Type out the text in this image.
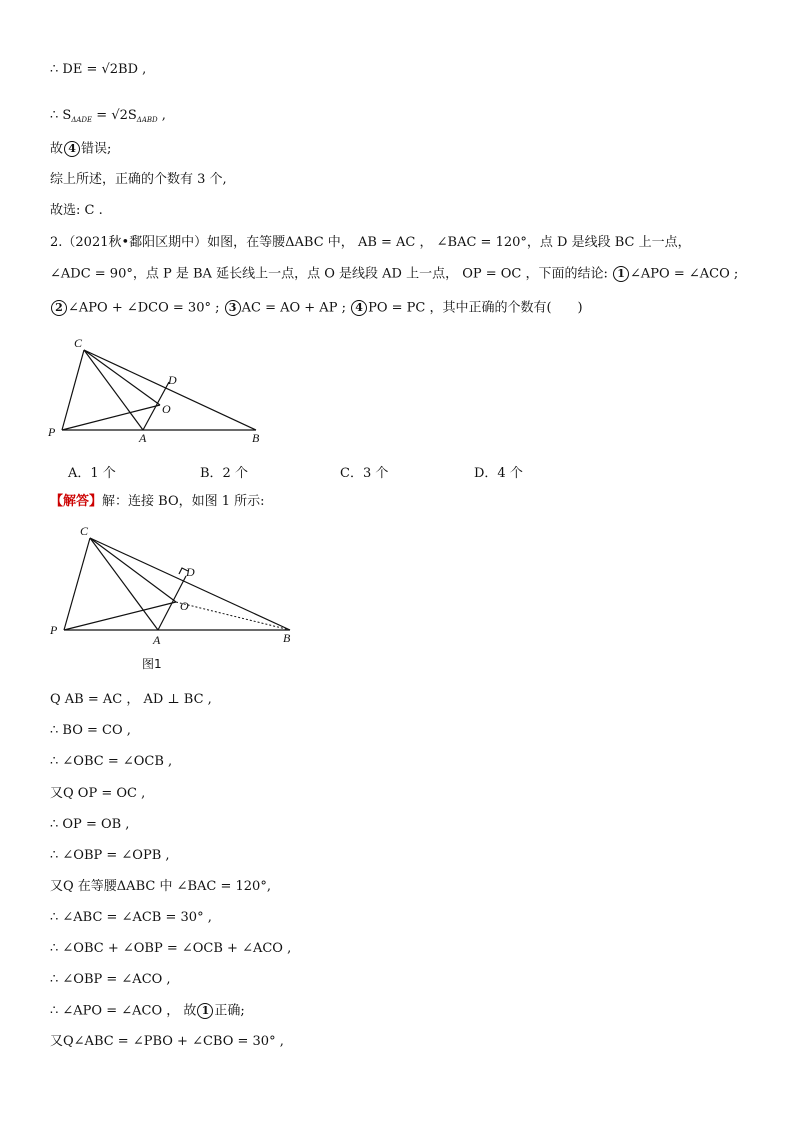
∴ DE = √2BD ,
∴ $S_{\Delta ADE} = √2S_{\Delta ABD}$ ,
故 4 错误;
综上所述，正确的个数有 3 个,
故选: C .
2.（2021秋•鄱阳区期中）如图，在等腰ΔABC 中， AB = AC ， ∠BAC = 120°，点 D 是线段 BC 上一点，
∠ADC = 90°，点 P 是 BA 延长线上一点，点 O 是线段 AD 上一点， OP = OC ，下面的结论: 1 ∠APO = ∠ACO ;
2 ∠APO + ∠DCO = 30° ; 3 AC = AO + AP ; 4 PO = PC ，其中正确的个数有(　　)
C
D
O
P	A	B
A．1 个	B．2 个	C．3 个	D．4 个
【解答】解：连接 BO，如图 1 所示:
C
D
O
P
A	B
图1
Q AB = AC ， AD ⊥ BC ,
∴ BO = CO ,
∴ ∠OBC = ∠OCB ,
又Q OP = OC ,
∴ OP = OB ,
∴ ∠OBP = ∠OPB ,
又Q 在等腰ΔABC 中 ∠BAC = 120°,
∴ ∠ABC = ∠ACB = 30° ,
∴ ∠OBC + ∠OBP = ∠OCB + ∠ACO ,
∴ ∠OBP = ∠ACO ,
∴ ∠APO = ∠ACO ， 故 1 正确;
又Q∠ABC = ∠PBO + ∠CBO = 30° ,
